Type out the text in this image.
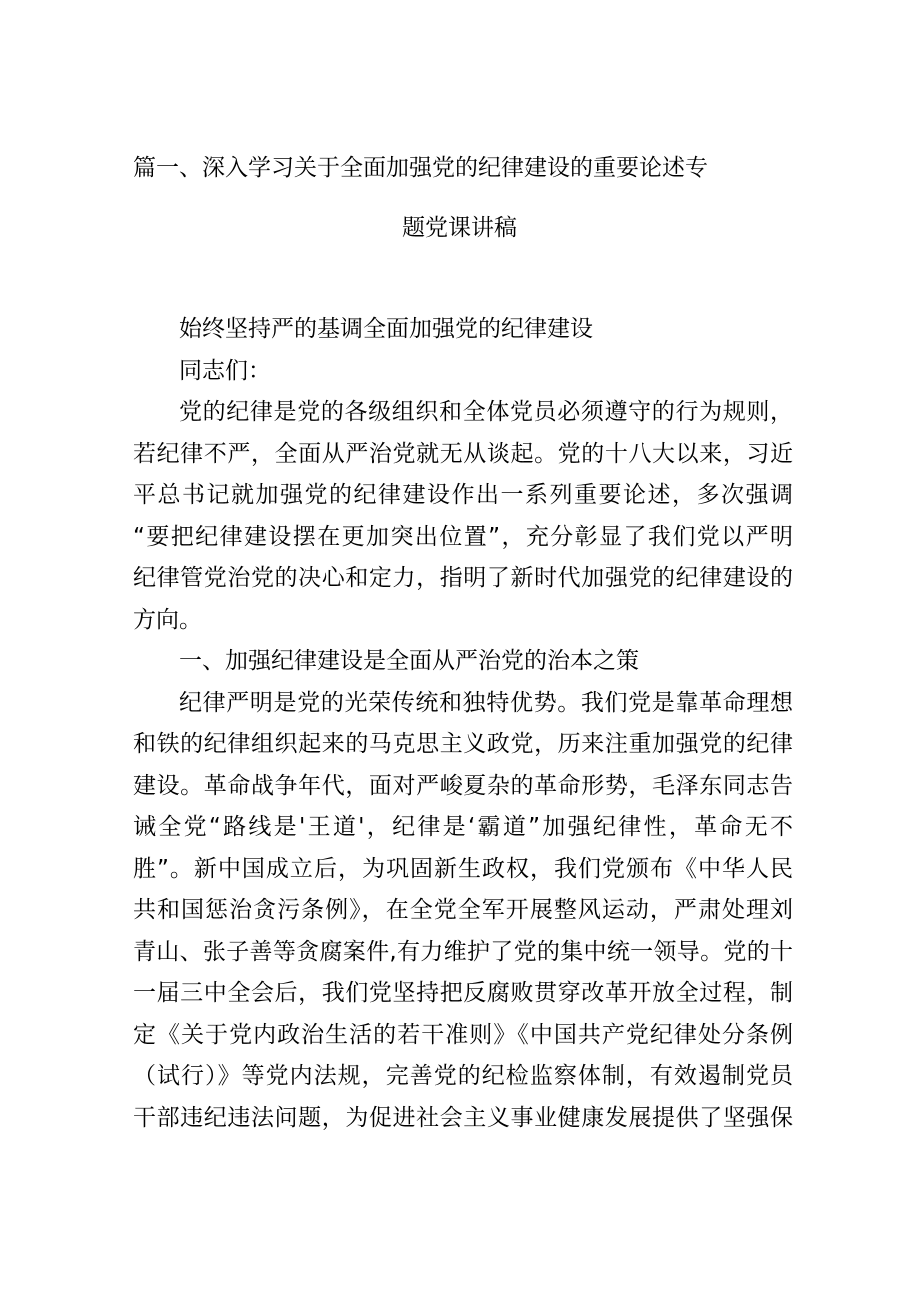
篇一、深入学习关于全面加强党的纪律建设的重要论述专
题党课讲稿
始终坚持严的基调全面加强党的纪律建设
同志们：
党的纪律是党的各级组织和全体党员必须遵守的行为规则，
若纪律不严，全面从严治党就无从谈起。党的十八大以来，习近
平总书记就加强党的纪律建设作出一系列重要论述，多次强调
“要把纪律建设摆在更加突出位置”，充分彰显了我们党以严明
纪律管党治党的决心和定力，指明了新时代加强党的纪律建设的
方向。
一、加强纪律建设是全面从严治党的治本之策
纪律严明是党的光荣传统和独特优势。我们党是靠革命理想
和铁的纪律组织起来的马克思主义政党，历来注重加强党的纪律
建设。革命战争年代，面对严峻夏杂的革命形势，毛泽东同志告
诫全党“路线是'王道'，纪律是‘霸道”加强纪律性，革命无不
胜”。新中国成立后，为巩固新生政权，我们党颁布《中华人民
共和国惩治贪污条例》，在全党全军开展整风运动，严肃处理刘
青山、张子善等贪腐案件,有力维护了党的集中统一领导。党的十
一届三中全会后，我们党坚持把反腐败贯穿改革开放全过程，制
定《关于党内政治生活的若干准则》《中国共产党纪律处分条例
（试行）》等党内法规，完善党的纪检监察体制，有效遏制党员
干部违纪违法问题，为促进社会主义事业健康发展提供了坚强保
